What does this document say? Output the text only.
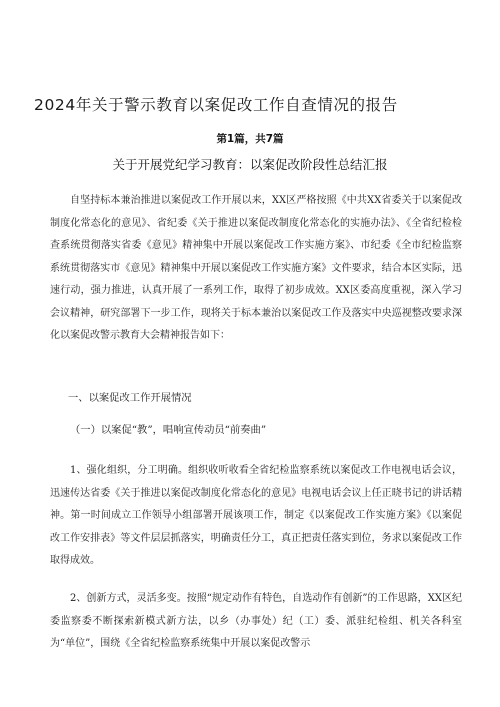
2024年关于警示教育以案促改工作自查情况的报告
第1篇，共7篇
关于开展党纪学习教育：以案促改阶段性总结汇报

自坚持标本兼治推进以案促改工作开展以来，XX区严格按照《中共XX省委关于以案促改制度化常态化的意见》、省纪委《关于推进以案促改制度化常态化的实施办法》、《全省纪检检查系统贯彻落实省委《意见》精神集中开展以案促改工作实施方案》、市纪委《全市纪检监察系统贯彻落实市《意见》精神集中开展以案促改工作实施方案》文件要求，结合本区实际，迅速行动，强力推进，认真开展了一系列工作，取得了初步成效。XX区委高度重视，深入学习会议精神，研究部署下一步工作，现将关于标本兼治以案促改工作及落实中央巡视整改要求深化以案促改警示教育大会精神报告如下：

一、以案促改工作开展情况
（一）以案促“教”，唱响宣传动员“前奏曲”

1、强化组织，分工明确。组织收听收看全省纪检监察系统以案促改工作电视电话会议，迅速传达省委《关于推进以案促改制度化常态化的意见》电视电话会议上任正晓书记的讲话精神。第一时间成立工作领导小组部署开展该项工作，制定《以案促改工作实施方案》《以案促改工作安排表》等文件层层抓落实，明确责任分工，真正把责任落实到位，务求以案促改工作取得成效。

2、创新方式，灵活多变。按照“规定动作有特色，自选动作有创新”的工作思路，XX区纪委监察委不断探索新模式新方法，以乡（办事处）纪（工）委、派驻纪检组、机关各科室为“单位”，围绕《全省纪检监察系统集中开展以案促改警示
